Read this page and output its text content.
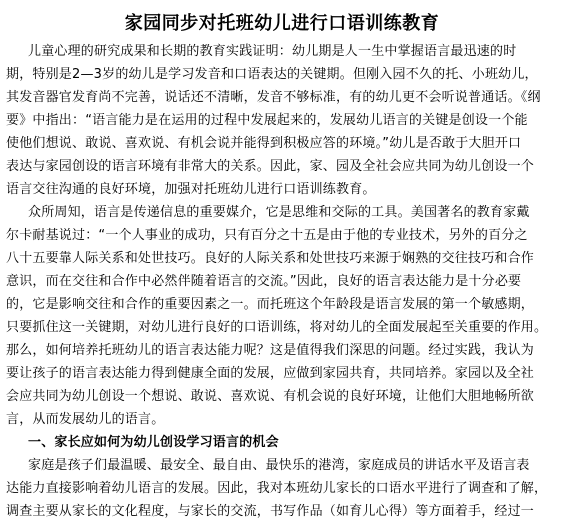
家园同步对托班幼儿进行口语训练教育
儿童心理的研究成果和长期的教育实践证明：幼儿期是人一生中掌握语言最迅速的时
期，特别是2—3岁的幼儿是学习发音和口语表达的关键期。但刚入园不久的托、小班幼儿，
其发音器官发育尚不完善，说话还不清晰，发音不够标准，有的幼儿更不会听说普通话。《纲
要》中指出：“语言能力是在运用的过程中发展起来的，发展幼儿语言的关键是创设一个能
使他们想说、敢说、喜欢说、有机会说并能得到积极应答的环境。”幼儿是否敢于大胆开口
表达与家园创设的语言环境有非常大的关系。因此，家、园及全社会应共同为幼儿创设一个
语言交往沟通的良好环境，加强对托班幼儿进行口语训练教育。
众所周知，语言是传递信息的重要媒介，它是思维和交际的工具。美国著名的教育家戴
尔卡耐基说过：“一个人事业的成功，只有百分之十五是由于他的专业技术，另外的百分之
八十五要靠人际关系和处世技巧。良好的人际关系和处世技巧来源于娴熟的交往技巧和合作
意识，而在交往和合作中必然伴随着语言的交流。”因此，良好的语言表达能力是十分必要
的，它是影响交往和合作的重要因素之一。而托班这个年龄段是语言发展的第一个敏感期，
只要抓住这一关键期，对幼儿进行良好的口语训练，将对幼儿的全面发展起至关重要的作用。
那么，如何培养托班幼儿的语言表达能力呢？这是值得我们深思的问题。经过实践，我认为
要让孩子的语言表达能力得到健康全面的发展，应做到家园共育，共同培养。家园以及全社
会应共同为幼儿创设一个想说、敢说、喜欢说、有机会说的良好环境，让他们大胆地畅所欲
言，从而发展幼儿的语言。
一、家长应如何为幼儿创设学习语言的机会
家庭是孩子们最温暖、最安全、最自由、最快乐的港湾，家庭成员的讲话水平及语言表
达能力直接影响着幼儿语言的发展。因此，我对本班幼儿家长的口语水平进行了调查和了解，
调查主要从家长的文化程度，与家长的交流，书写作品（如育儿心得）等方面着手，经过一
